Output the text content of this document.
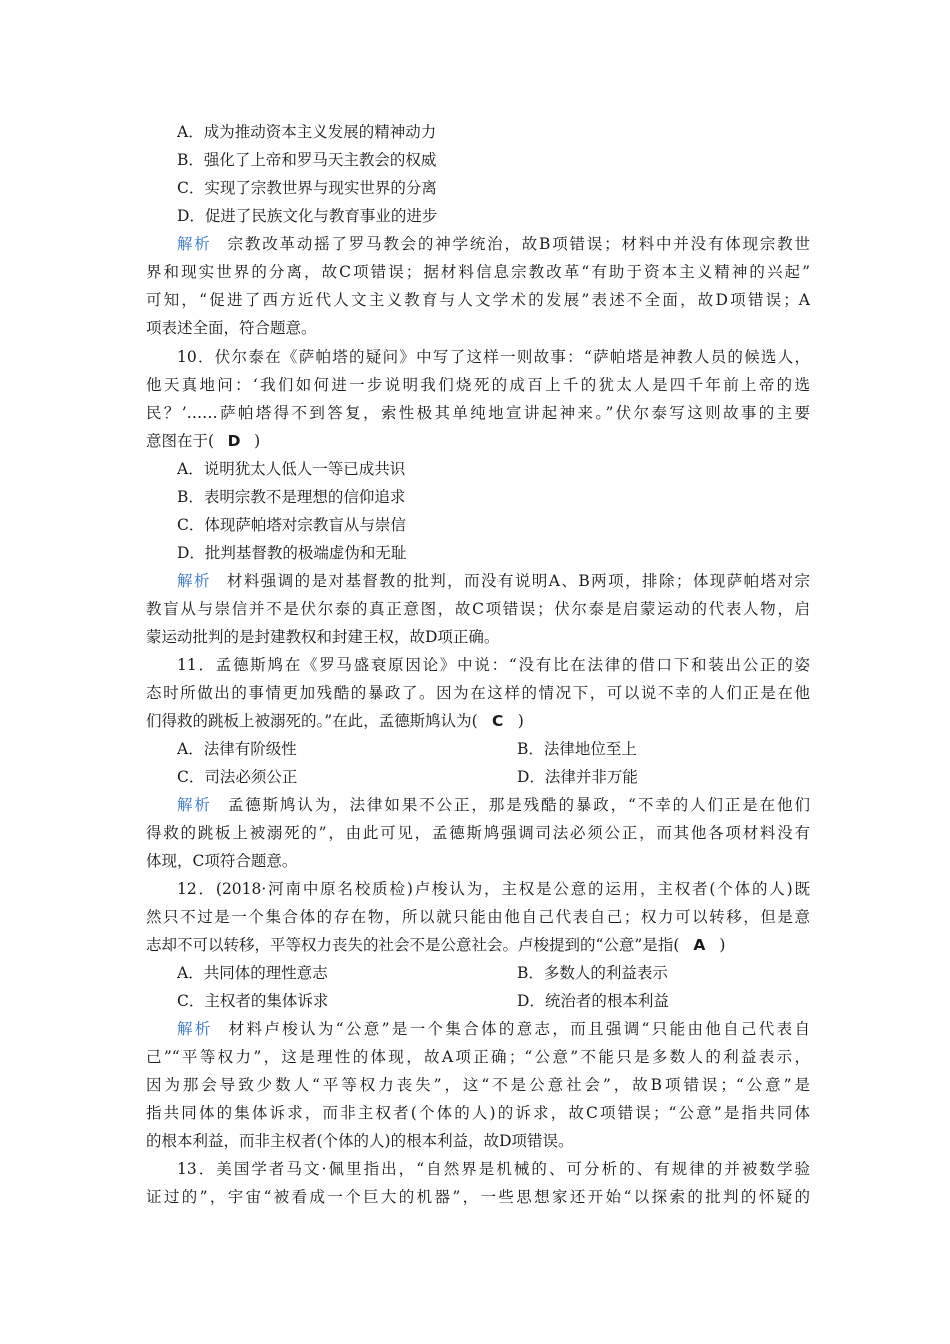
A．成为推动资本主义发展的精神动力
B．强化了上帝和罗马天主教会的权威
C．实现了宗教世界与现实世界的分离
D．促进了民族文化与教育事业的进步
解析 宗教改革动摇了罗马教会的神学统治，故B项错误；材料中并没有体现宗教世
界和现实世界的分离，故C项错误；据材料信息宗教改革“有助于资本主义精神的兴起”
可知，“促进了西方近代人文主义教育与人文学术的发展”表述不全面，故D项错误；A
项表述全面，符合题意。
10．伏尔泰在《萨帕塔的疑问》中写了这样一则故事：“萨帕塔是神教人员的候选人，
他天真地问：‘我们如何进一步说明我们烧死的成百上千的犹太人是四千年前上帝的选
民？’……萨帕塔得不到答复，索性极其单纯地宣讲起神来。”伏尔泰写这则故事的主要
意图在于( D )
A．说明犹太人低人一等已成共识
B．表明宗教不是理想的信仰追求
C．体现萨帕塔对宗教盲从与崇信
D．批判基督教的极端虚伪和无耻
解析 材料强调的是对基督教的批判，而没有说明A、B两项，排除；体现萨帕塔对宗
教盲从与崇信并不是伏尔泰的真正意图，故C项错误；伏尔泰是启蒙运动的代表人物，启
蒙运动批判的是封建教权和封建王权，故D项正确。
11．孟德斯鸠在《罗马盛衰原因论》中说：“没有比在法律的借口下和装出公正的姿
态时所做出的事情更加残酷的暴政了。因为在这样的情况下，可以说不幸的人们正是在他
们得救的跳板上被溺死的。”在此，孟德斯鸠认为( C )
A．法律有阶级性	B．法律地位至上
C．司法必须公正	D．法律并非万能
解析 孟德斯鸠认为，法律如果不公正，那是残酷的暴政，“不幸的人们正是在他们
得救的跳板上被溺死的”，由此可见，孟德斯鸠强调司法必须公正，而其他各项材料没有
体现，C项符合题意。
12．(2018·河南中原名校质检)卢梭认为，主权是公意的运用，主权者(个体的人)既
然只不过是一个集合体的存在物，所以就只能由他自己代表自己；权力可以转移，但是意
志却不可以转移，平等权力丧失的社会不是公意社会。卢梭提到的“公意”是指( A )
A．共同体的理性意志	B．多数人的利益表示
C．主权者的集体诉求	D．统治者的根本利益
解析 材料卢梭认为“公意”是一个集合体的意志，而且强调“只能由他自己代表自
己”“平等权力”，这是理性的体现，故A项正确；“公意”不能只是多数人的利益表示，
因为那会导致少数人“平等权力丧失”，这“不是公意社会”，故B项错误；“公意”是
指共同体的集体诉求，而非主权者(个体的人)的诉求，故C项错误；“公意”是指共同体
的根本利益，而非主权者(个体的人)的根本利益，故D项错误。
13．美国学者马文·佩里指出，“自然界是机械的、可分析的、有规律的并被数学验
证过的”，宇宙“被看成一个巨大的机器”，一些思想家还开始“以探索的批判的怀疑的
